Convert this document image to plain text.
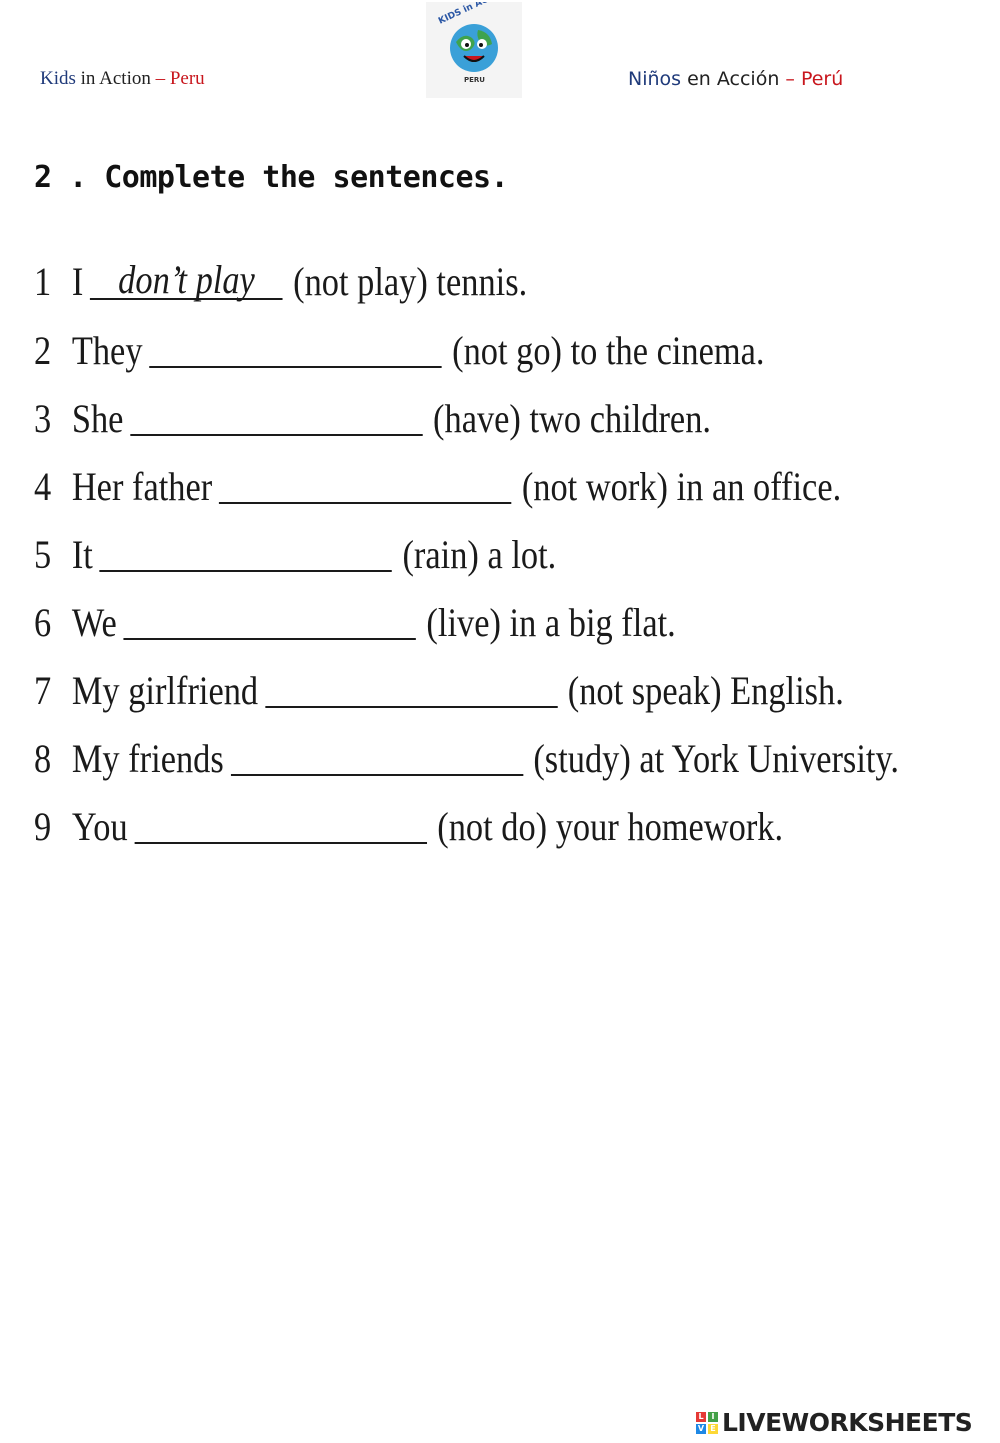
Kids in Action – Peru	PERU	Niños en Acción – Perú
2 . Complete the sentences.
1 I don’t play (not play) tennis.
2 They	(not go) to the cinema.
3 She	(have) two children.
4 Her father	(not work) in an office.
5 It	(rain) a lot.
6 We	(live) in a big flat.
7 My girlfriend	(not speak) English.
8 My friends	(study) at York University.
9 You	(not do) your homework.
L I
V E LIVEWORKSHEETS
